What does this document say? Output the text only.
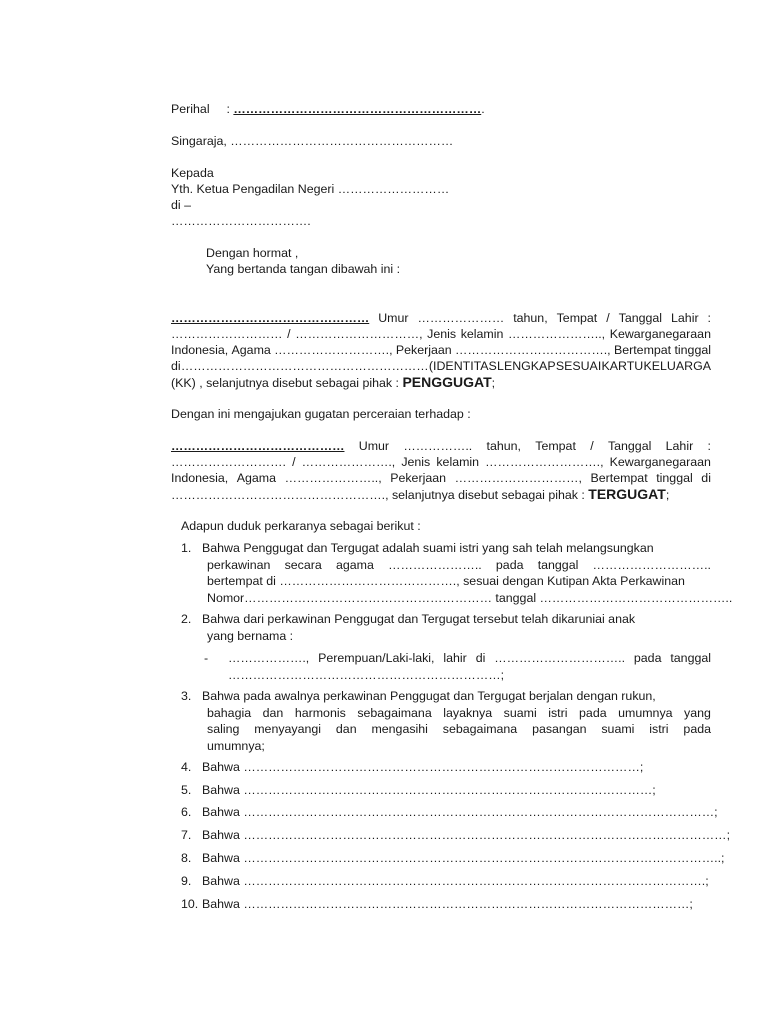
Perihal : …………………………………………………….
Singaraja, ………………………………………………
Kepada
Yth. Ketua Pengadilan Negeri ………………………
di –
…………………………….
Dengan hormat ,
Yang bertanda tangan dibawah ini :
………………………………………… Umur ………………… tahun, Tempat / Tanggal Lahir :
……………………… / …………………………, Jenis kelamin ………………….., Kewarganegaraan
Indonesia, Agama ………………………., Pekerjaan ………………………………., Bertempat tinggal
di …………………………………………………… (IDENTITAS LENGKAP SESUAI KARTU KELUARGA
(KK) , selanjutnya disebut sebagai pihak : PENGGUGAT;
Dengan ini mengajukan gugatan perceraian terhadap :
…………………………………… Umur …………….. tahun, Tempat / Tanggal Lahir :
………………………. / …………………., Jenis kelamin ………………………., Kewarganegaraan
Indonesia, Agama ………………….., Pekerjaan …………………………, Bertempat tinggal di
……………………………………………., selanjutnya disebut sebagai pihak : TERGUGAT;
Adapun duduk perkaranya sebagai berikut :
1. Bahwa Penggugat dan Tergugat adalah suami istri yang sah telah melangsungkan
perkawinan secara agama ………………….. pada tanggal ………………………..
bertempat di ……………………………………., sesuai dengan Kutipan Akta Perkawinan
Nomor…………………………………………………… tanggal ………………………………………..
2. Bahwa dari perkawinan Penggugat dan Tergugat tersebut telah dikaruniai anak
yang bernama :
- ………………., Perempuan/Laki-laki, lahir di ………………………….. pada tanggal
…………………………………………………………;
3. Bahwa pada awalnya perkawinan Penggugat dan Tergugat berjalan dengan rukun,
bahagia dan harmonis sebagaimana layaknya suami istri pada umumnya yang
saling menyayangi dan mengasihi sebagaimana pasangan suami istri pada
umumnya;
4. Bahwa ……………………………………………………………………………………;
5. Bahwa ………………………………………………………………………………………;
6. Bahwa ……………………………………………………………………………………………………;
7. Bahwa ………………………………………………………………………………………………………;
8. Bahwa ……………………………………………………………………………………………………..;
9. Bahwa ………………………………………………………………………………………………….;
10. Bahwa ………………………………………………………………………………………………;
